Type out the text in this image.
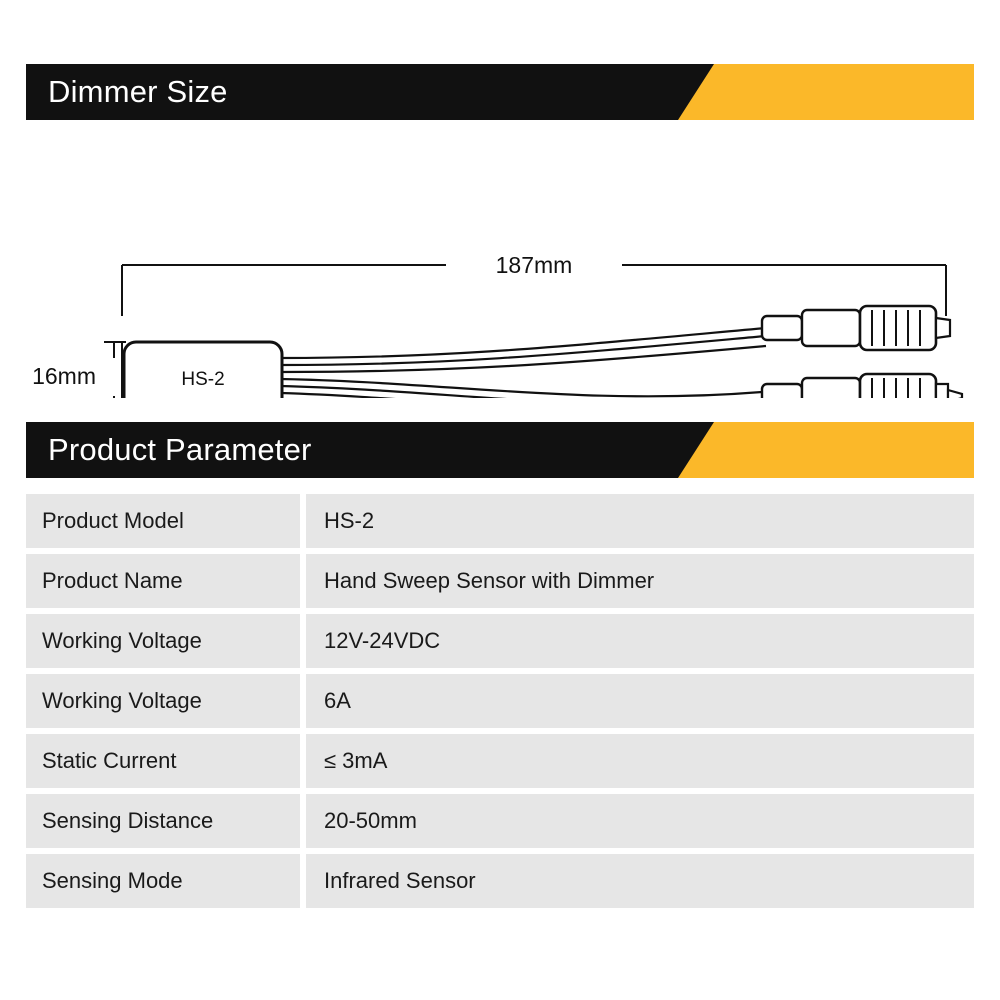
Dimmer Size
HS-2
187mm
16mm
Product Parameter
Product Model	HS-2
Product Name	Hand Sweep Sensor with Dimmer
Working Voltage	12V-24VDC
Working Voltage	6A
Static Current	≤ 3mA
Sensing Distance	20-50mm
Sensing Mode	Infrared Sensor
